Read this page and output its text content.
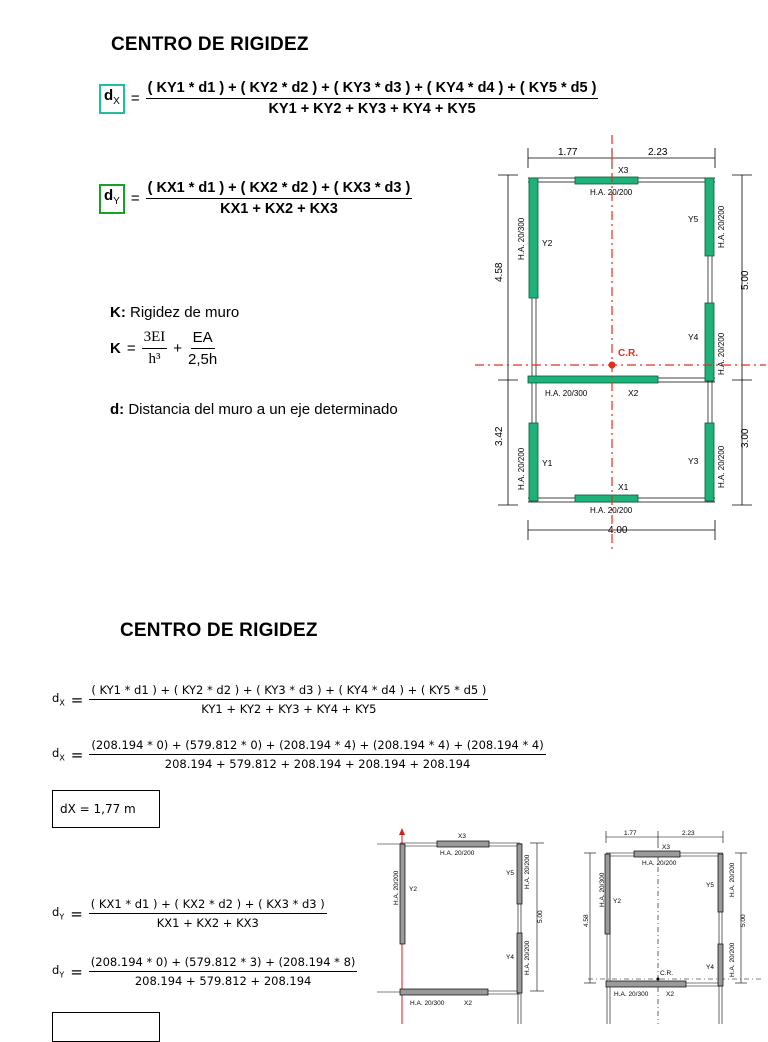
CENTRO DE RIGIDEZ
$d_X$ =
( KY1 * d1 ) + ( KY2 * d2 ) + ( KY3 * d3 ) + ( KY4 * d4 ) + ( KY5 * d5 )
KY1 + KY2 + KY3 + KY4 + KY5
$d_Y = \frac{( KX1 * d1 ) + ( KX2 * d2 ) + ( KX3 * d3 )}{KX1 + KX2 + KX3}$
K: Rigidez de muro
$K = \frac{3EI}{\text{h³}} + \frac{EA}{2,5h}$
d: Distancia del muro a un eje determinado
1.77	2.23
4.00
4.58
3.42
5.00
3.00
C.R.
X3
H.A. 20/200
Y2
H.A. 20/300	Y5 H.A. 20/200
Y4 H.A. 20/200
H.A. 20/300	X2
Y1
H.A. 20/200	Y3 H.A. 20/200
X1
H.A. 20/200
CENTRO DE RIGIDEZ
$d_X$ =
( KY1 * d1 ) + ( KY2 * d2 ) + ( KY3 * d3 ) + ( KY4 * d4 ) + ( KY5 * d5 )
KY1 + KY2 + KY3 + KY4 + KY5
$d_X$ =
(208.194 * 0) + (579.812 * 0) + (208.194 * 4) + (208.194 * 4) + (208.194 * 4)
208.194 + 579.812 + 208.194 + 208.194 + 208.194
dX = 1,77 m
$d_Y = \frac{( KX1 * d1 ) + ( KX2 * d2 ) + ( KX3 * d3 )}{KX1 + KX2 + KX3}$
$d_Y = \frac{(208.194 * 0) + (579.812 * 3) + (208.194 * 8)}{208.194 + 579.812 + 208.194}$
X3
H.A. 20/200
Y2
H.A. 20/200	Y5 H.A. 20/200
5.00
Y4 H.A. 20/200
H.A. 20/300	X2
1.77	2.23
X3
H.A. 20/200
Y2
H.A. 20/300
4.58
Y5 H.A. 20/200
5.00
Y4 H.A. 20/200
C.R.
H.A. 20/300	X2
